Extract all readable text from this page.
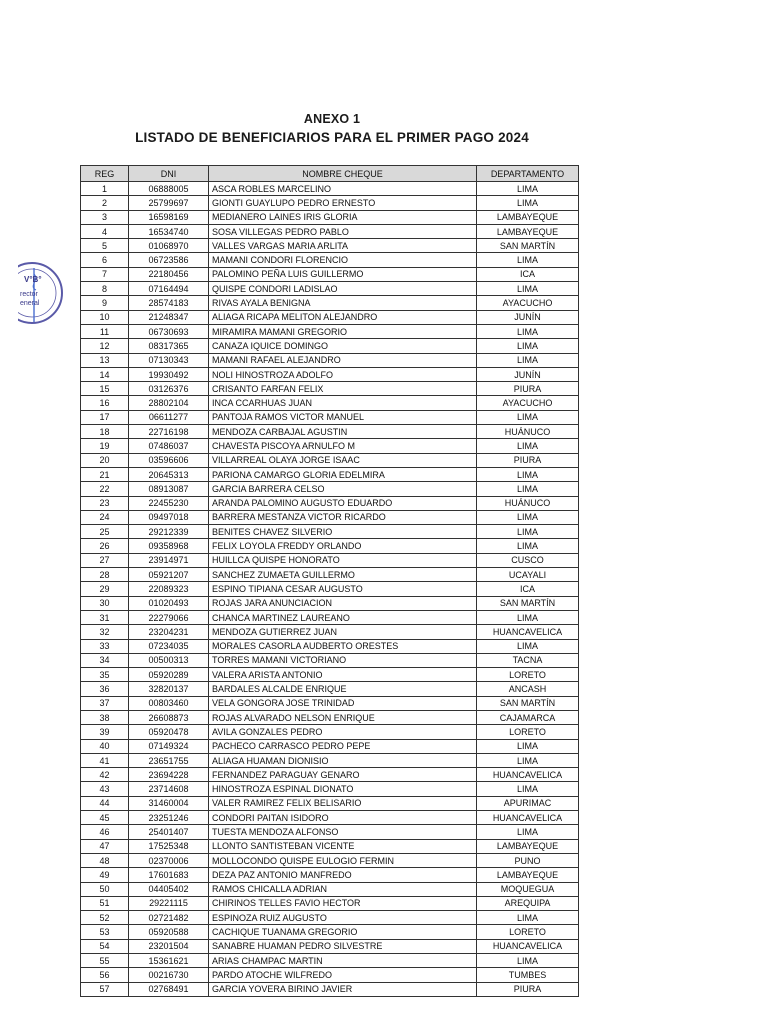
ANEXO 1
LISTADO DE BENEFICIARIOS PARA EL PRIMER PAGO 2024
V°B°
rector
eneral
REG	DNI	NOMBRE CHEQUE	DEPARTAMENTO
1	06888005	ASCA ROBLES MARCELINO	LIMA
2	25799697	GIONTI GUAYLUPO PEDRO ERNESTO	LIMA
3	16598169	MEDIANERO LAINES IRIS GLORIA	LAMBAYEQUE
4	16534740	SOSA VILLEGAS PEDRO PABLO	LAMBAYEQUE
5	01068970	VALLES VARGAS MARIA ARLITA	SAN MARTÍN
6	06723586	MAMANI CONDORI FLORENCIO	LIMA
7	22180456	PALOMINO PEÑA LUIS GUILLERMO	ICA
8	07164494	QUISPE CONDORI LADISLAO	LIMA
9	28574183	RIVAS AYALA BENIGNA	AYACUCHO
10	21248347	ALIAGA RICAPA MELITON ALEJANDRO	JUNÍN
11	06730693	MIRAMIRA MAMANI GREGORIO	LIMA
12	08317365	CANAZA IQUICE DOMINGO	LIMA
13	07130343	MAMANI RAFAEL ALEJANDRO	LIMA
14	19930492	NOLI HINOSTROZA ADOLFO	JUNÍN
15	03126376	CRISANTO FARFAN FELIX	PIURA
16	28802104	INCA CCARHUAS JUAN	AYACUCHO
17	06611277	PANTOJA RAMOS VICTOR MANUEL	LIMA
18	22716198	MENDOZA CARBAJAL AGUSTIN	HUÁNUCO
19	07486037	CHAVESTA PISCOYA ARNULFO M	LIMA
20	03596606	VILLARREAL OLAYA JORGE ISAAC	PIURA
21	20645313	PARIONA CAMARGO GLORIA EDELMIRA	LIMA
22	08913087	GARCIA BARRERA CELSO	LIMA
23	22455230	ARANDA PALOMINO AUGUSTO EDUARDO	HUÁNUCO
24	09497018	BARRERA MESTANZA VICTOR RICARDO	LIMA
25	29212339	BENITES CHAVEZ SILVERIO	LIMA
26	09358968	FELIX LOYOLA FREDDY ORLANDO	LIMA
27	23914971	HUILLCA QUISPE HONORATO	CUSCO
28	05921207	SANCHEZ ZUMAETA GUILLERMO	UCAYALI
29	22089323	ESPINO TIPIANA CESAR AUGUSTO	ICA
30	01020493	ROJAS JARA ANUNCIACION	SAN MARTÍN
31	22279066	CHANCA MARTINEZ LAUREANO	LIMA
32	23204231	MENDOZA GUTIERREZ JUAN	HUANCAVELICA
33	07234035	MORALES CASORLA AUDBERTO ORESTES	LIMA
34	00500313	TORRES MAMANI VICTORIANO	TACNA
35	05920289	VALERA ARISTA ANTONIO	LORETO
36	32820137	BARDALES ALCALDE ENRIQUE	ANCASH
37	00803460	VELA GONGORA JOSE TRINIDAD	SAN MARTÍN
38	26608873	ROJAS ALVARADO NELSON ENRIQUE	CAJAMARCA
39	05920478	AVILA GONZALES PEDRO	LORETO
40	07149324	PACHECO CARRASCO PEDRO PEPE	LIMA
41	23651755	ALIAGA HUAMAN DIONISIO	LIMA
42	23694228	FERNANDEZ PARAGUAY GENARO	HUANCAVELICA
43	23714608	HINOSTROZA ESPINAL DIONATO	LIMA
44	31460004	VALER RAMIREZ FELIX BELISARIO	APURIMAC
45	23251246	CONDORI PAITAN ISIDORO	HUANCAVELICA
46	25401407	TUESTA MENDOZA ALFONSO	LIMA
47	17525348	LLONTO SANTISTEBAN VICENTE	LAMBAYEQUE
48	02370006	MOLLOCONDO QUISPE EULOGIO FERMIN	PUNO
49	17601683	DEZA PAZ ANTONIO MANFREDO	LAMBAYEQUE
50	04405402	RAMOS CHICALLA ADRIAN	MOQUEGUA
51	29221115	CHIRINOS TELLES FAVIO HECTOR	AREQUIPA
52	02721482	ESPINOZA RUIZ AUGUSTO	LIMA
53	05920588	CACHIQUE TUANAMA GREGORIO	LORETO
54	23201504	SANABRE HUAMAN PEDRO SILVESTRE	HUANCAVELICA
55	15361621	ARIAS CHAMPAC MARTIN	LIMA
56	00216730	PARDO ATOCHE WILFREDO	TUMBES
57	02768491	GARCIA YOVERA BIRINO JAVIER	PIURA
